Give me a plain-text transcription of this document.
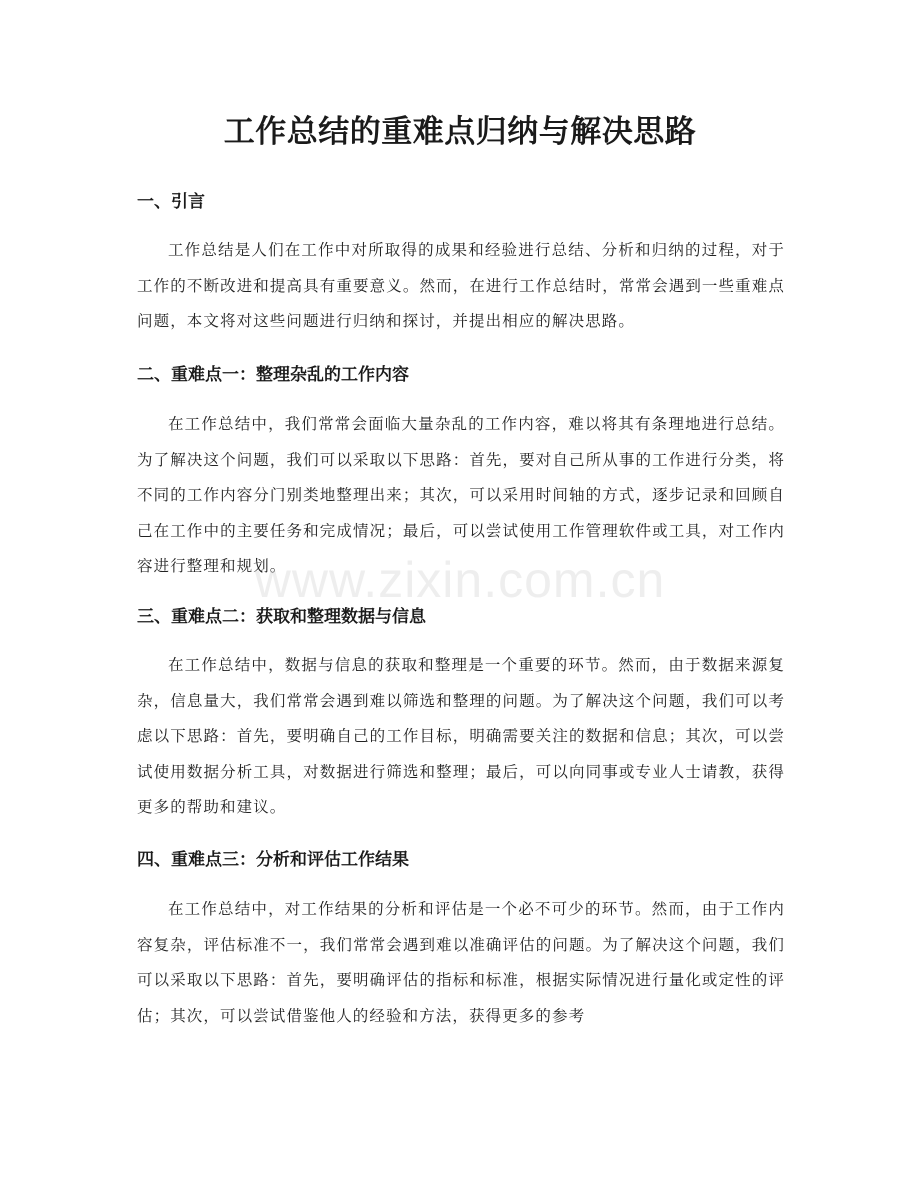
工作总结的重难点归纳与解决思路
一、引言

工作总结是人们在工作中对所取得的成果和经验进行总结、分析和归纳的过程，对于工作的不断改进和提高具有重要意义。然而，在进行工作总结时，常常会遇到一些重难点问题，本文将对这些问题进行归纳和探讨，并提出相应的解决思路。

二、重难点一：整理杂乱的工作内容

在工作总结中，我们常常会面临大量杂乱的工作内容，难以将其有条理地进行总结。为了解决这个问题，我们可以采取以下思路：首先，要对自己所从事的工作进行分类，将不同的工作内容分门别类地整理出来；其次，可以采用时间轴的方式，逐步记录和回顾自己在工作中的主要任务和完成情况；最后，可以尝试使用工作管理软件或工具，对工作内容进行整理和规划。

三、重难点二：获取和整理数据与信息

在工作总结中，数据与信息的获取和整理是一个重要的环节。然而，由于数据来源复杂，信息量大，我们常常会遇到难以筛选和整理的问题。为了解决这个问题，我们可以考虑以下思路：首先，要明确自己的工作目标，明确需要关注的数据和信息；其次，可以尝试使用数据分析工具，对数据进行筛选和整理；最后，可以向同事或专业人士请教，获得更多的帮助和建议。

四、重难点三：分析和评估工作结果

在工作总结中，对工作结果的分析和评估是一个必不可少的环节。然而，由于工作内容复杂，评估标准不一，我们常常会遇到难以准确评估的问题。为了解决这个问题，我们可以采取以下思路：首先，要明确评估的指标和标准，根据实际情况进行量化或定性的评估；其次，可以尝试借鉴他人的经验和方法，获得更多的参考

www.zixin.com.cn
